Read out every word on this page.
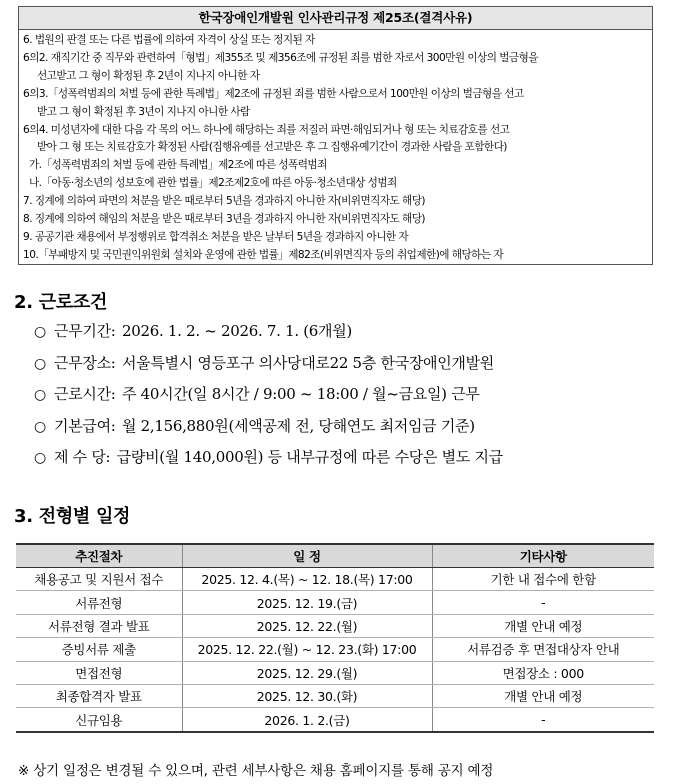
한국장애인개발원 인사관리규정 제25조(결격사유)
6. 법원의 판결 또는 다른 법률에 의하여 자격이 상실 또는 정지된 자
6의2. 재직기간 중 직무와 관련하여「형법」제355조 및 제356조에 규정된 죄를 범한 자로서 300만원 이상의 벌금형을
선고받고 그 형이 확정된 후 2년이 지나지 아니한 자
6의3.「성폭력범죄의 처벌 등에 관한 특례법」제2조에 규정된 죄를 범한 사람으로서 100만원 이상의 벌금형을 선고
받고 그 형이 확정된 후 3년이 지나지 아니한 사람
6의4. 미성년자에 대한 다음 각 목의 어느 하나에 해당하는 죄를 저질러 파면·해임되거나 형 또는 치료감호를 선고
받아 그 형 또는 치료감호가 확정된 사람(집행유예를 선고받은 후 그 집행유예기간이 경과한 사람을 포함한다)
가.「성폭력범죄의 처벌 등에 관한 특례법」제2조에 따른 성폭력범죄
나.「아동·청소년의 성보호에 관한 법률」제2조제2호에 따른 아동·청소년대상 성범죄
7. 징계에 의하여 파면의 처분을 받은 때로부터 5년을 경과하지 아니한 자(비위면직자도 해당)
8. 징계에 의하여 해임의 처분을 받은 때로부터 3년을 경과하지 아니한 자(비위면직자도 해당)
9. 공공기관 채용에서 부정행위로 합격취소 처분을 받은 날부터 5년을 경과하지 아니한 자
10.「부패방지 및 국민권익위원회 설치와 운영에 관한 법률」제82조(비위면직자 등의 취업제한)에 해당하는 자
2. 근로조건
○ 근무기간: 2026. 1. 2. ~ 2026. 7. 1. (6개월)
○ 근무장소: 서울특별시 영등포구 의사당대로22 5층 한국장애인개발원
○ 근로시간: 주 40시간(일 8시간 / 9:00 ~ 18:00 / 월~금요일) 근무
○ 기본급여: 월 2,156,880원(세액공제 전, 당해연도 최저임금 기준)
○ 제 수 당: 급량비(월 140,000원) 등 내부규정에 따른 수당은 별도 지급
3. 전형별 일정
추진절차	일 정	기타사항
채용공고 및 지원서 접수	2025. 12. 4.(목) ~ 12. 18.(목) 17:00	기한 내 접수에 한함
서류전형	2025. 12. 19.(금)	-
서류전형 결과 발표	2025. 12. 22.(월)	개별 안내 예정
증빙서류 제출	2025. 12. 22.(월) ~ 12. 23.(화) 17:00	서류검증 후 면접대상자 안내
면접전형	2025. 12. 29.(월)	면접장소 : 000
최종합격자 발표	2025. 12. 30.(화)	개별 안내 예정
신규임용	2026. 1. 2.(금)	-

※ 상기 일정은 변경될 수 있으며, 관련 세부사항은 채용 홈페이지를 통해 공지 예정
